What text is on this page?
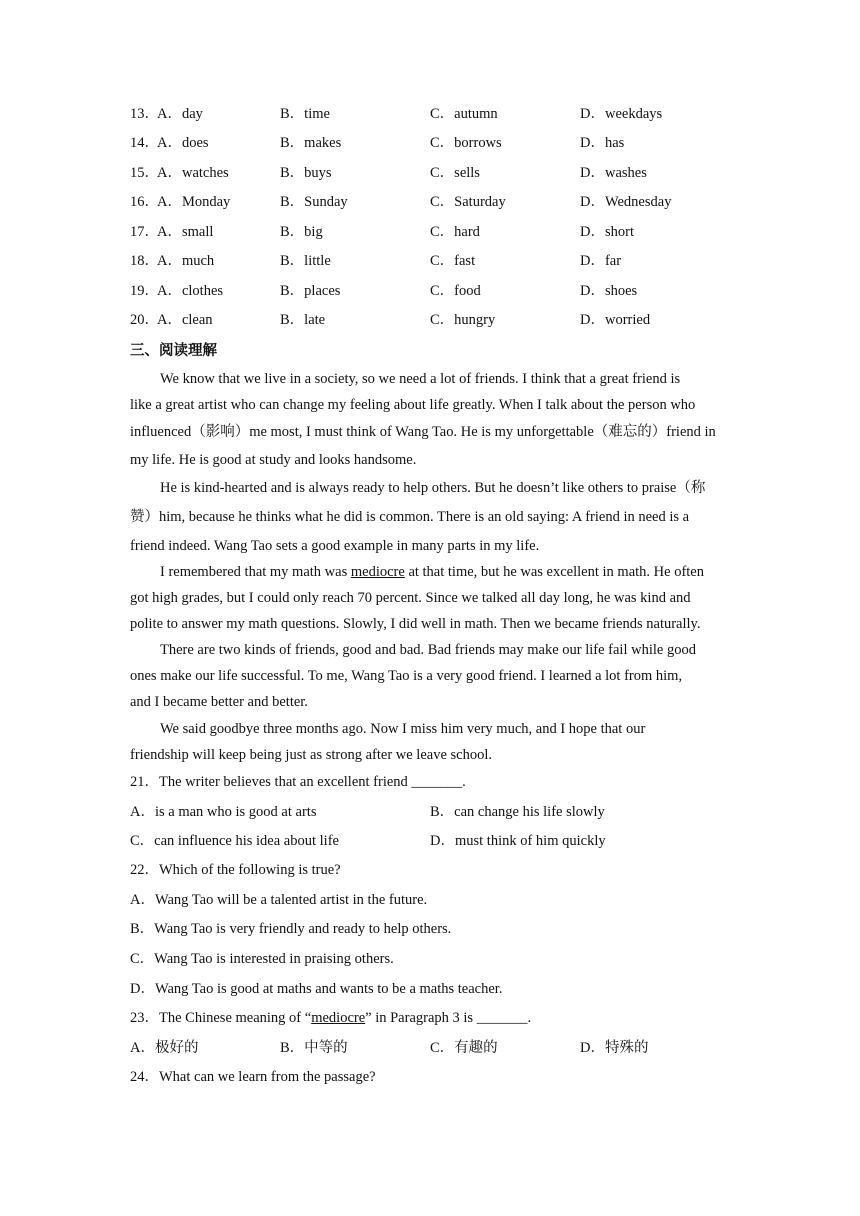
13．
A．day	B．time	C．autumn	D．weekdays
14．
A．does	B．makes	C．borrows	D．has
15．
A．watches	B．buys	C．sells	D．washes
16．
A．Monday	B．Sunday	C．Saturday	D．Wednesday
17．
A．small	B．big	C．hard	D．short
18．
A．much	B．little	C．fast	D．far
19．
A．clothes	B．places	C．food	D．shoes
20．
A．clean	B．late	C．hungry	D．worried
三、阅读理解
We know that we live in a society, so we need a lot of friends. I think that a great friend is
like a great artist who can change my feeling about life greatly. When I talk about the person who
influenced（影响）me most, I must think of Wang Tao. He is my unforgettable（难忘的）friend in
my life. He is good at study and looks handsome.
He is kind-hearted and is always ready to help others. But he doesn’t like others to praise（称
赞）him, because he thinks what he did is common. There is an old saying: A friend in need is a
friend indeed. Wang Tao sets a good example in many parts in my life.
I remembered that my math was mediocre at that time, but he was excellent in math. He often
got high grades, but I could only reach 70 percent. Since we talked all day long, he was kind and
polite to answer my math questions. Slowly, I did well in math. Then we became friends naturally.
There are two kinds of friends, good and bad. Bad friends may make our life fail while good
ones make our life successful. To me, Wang Tao is a very good friend. I learned a lot from him,
and I became better and better.
We said goodbye three months ago. Now I miss him very much, and I hope that our
friendship will keep being just as strong after we leave school.
21．The writer believes that an excellent friend _______.
A．is a man who is good at arts	B．can change his life slowly
C．can influence his idea about life	D．must think of him quickly
22．Which of the following is true?
A．Wang Tao will be a talented artist in the future.
B．Wang Tao is very friendly and ready to help others.
C．Wang Tao is interested in praising others.
D．Wang Tao is good at maths and wants to be a maths teacher.
23．The Chinese meaning of “mediocre” in Paragraph 3 is _______.
A．极好的	B．中等的	C．有趣的	D．特殊的
24．What can we learn from the passage?
